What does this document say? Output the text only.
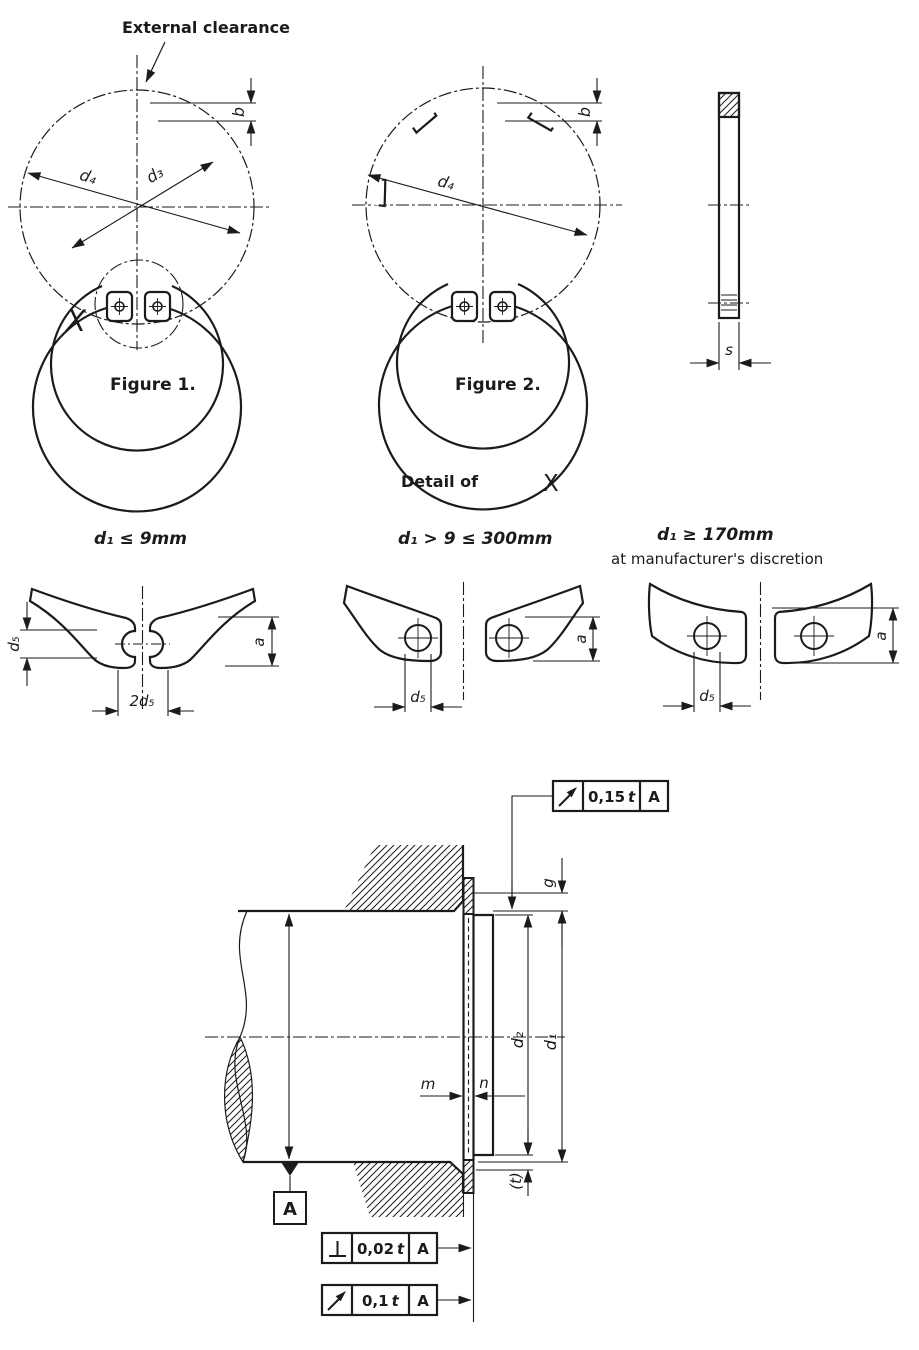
External clearance
b
d₄	d₃
X
Figure 1.
b
d₄
Figure 2.
s
Detail of	X
d₁ ≤ 9mm	d₁ > 9 ≤ 300mm	d₁ ≥ 170mm
at manufacturer's discretion
d₅
2d₅
a
d₅
a
d₅
a
A
g
d₂ d₁
m	n
(t)
0,15 t A
0,02 t A
0,1 t A
